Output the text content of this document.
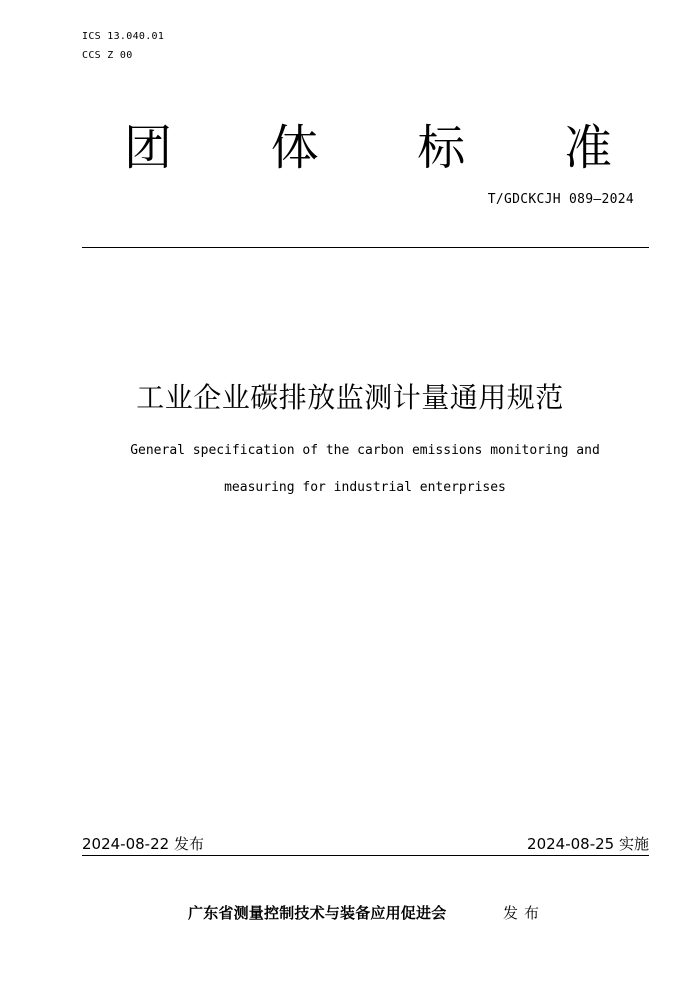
ICS 13.040.01
CCS Z 00
团 体 标 准
T/GDCKCJH 089—2024
工业企业碳排放监测计量通用规范
General specification of the carbon emissions monitoring and
measuring for industrial enterprises
2024-08-22 发布	2024-08-25 实施
广东省测量控制技术与装备应用促进会	发布
